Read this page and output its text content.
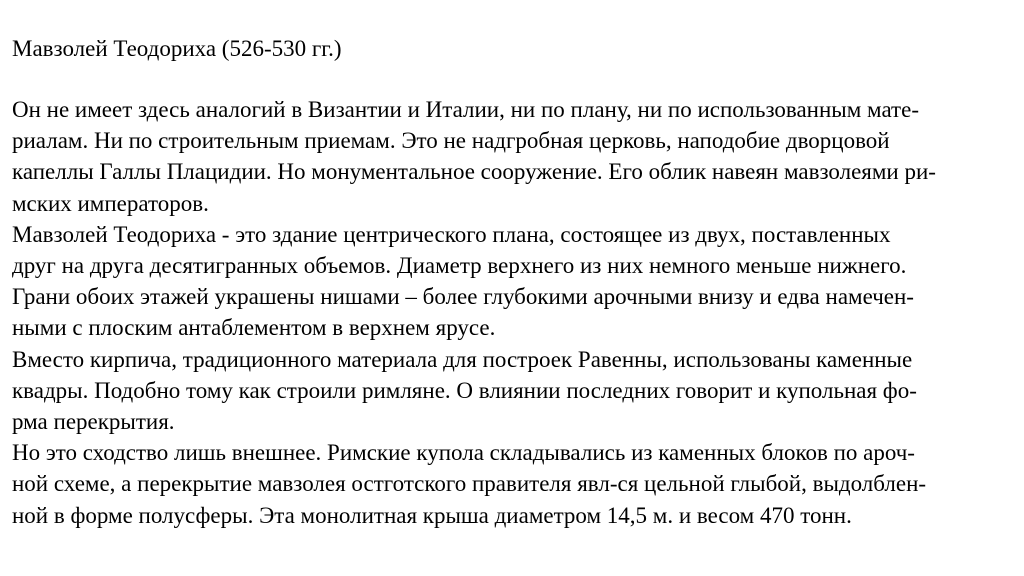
Мавзолей Теодориха (526-530 гг.)
Он не имеет здесь аналогий в Византии и Италии, ни по плану, ни по использованным мате-
риалам. Ни по строительным приемам. Это не надгробная церковь, наподобие дворцовой
капеллы Галлы Плацидии. Но монументальное сооружение. Его облик навеян мавзолеями ри-
мских императоров.
Мавзолей Теодориха - это здание центрического плана, состоящее из двух, поставленных
друг на друга десятигранных объемов. Диаметр верхнего из них немного меньше нижнего.
Грани обоих этажей украшены нишами – более глубокими арочными внизу и едва намечен-
ными с плоским антаблементом в верхнем ярусе.
Вместо кирпича, традиционного материала для построек Равенны, использованы каменные
квадры. Подобно тому как строили римляне. О влиянии последних говорит и купольная фо-
рма перекрытия.
Но это сходство лишь внешнее. Римские купола складывались из каменных блоков по aроч-
ной схеме, а перекрытие мавзолея остготского правителя явл-ся цельной глыбой, выдолблен-
ной в форме полусферы. Эта монолитная крыша диаметром 14,5 м. и весом 470 тонн.
